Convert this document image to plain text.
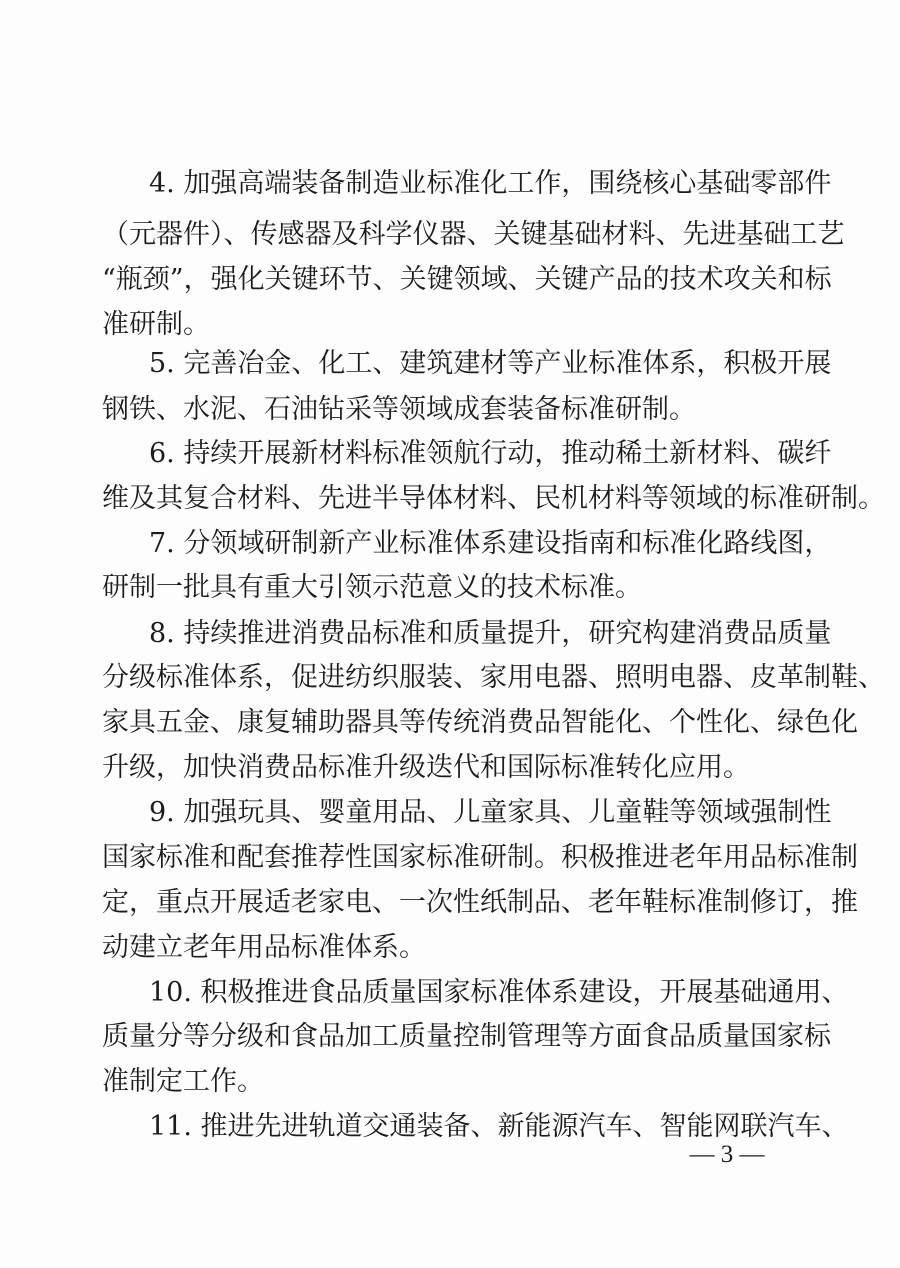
4. 加强高端装备制造业标准化工作，围绕核心基础零部件
（元器件）、传感器及科学仪器、关键基础材料、先进基础工艺
“瓶颈”，强化关键环节、关键领域、关键产品的技术攻关和标
准研制。
5. 完善冶金、化工、建筑建材等产业标准体系，积极开展
钢铁、水泥、石油钻采等领域成套装备标准研制。
6. 持续开展新材料标准领航行动，推动稀土新材料、碳纤
维及其复合材料、先进半导体材料、民机材料等领域的标准研制。
7. 分领域研制新产业标准体系建设指南和标准化路线图，
研制一批具有重大引领示范意义的技术标准。
8. 持续推进消费品标准和质量提升，研究构建消费品质量
分级标准体系，促进纺织服装、家用电器、照明电器、皮革制鞋、
家具五金、康复辅助器具等传统消费品智能化、个性化、绿色化
升级，加快消费品标准升级迭代和国际标准转化应用。
9. 加强玩具、婴童用品、儿童家具、儿童鞋等领域强制性
国家标准和配套推荐性国家标准研制。积极推进老年用品标准制
定，重点开展适老家电、一次性纸制品、老年鞋标准制修订，推
动建立老年用品标准体系。
10. 积极推进食品质量国家标准体系建设，开展基础通用、
质量分等分级和食品加工质量控制管理等方面食品质量国家标
准制定工作。
11. 推进先进轨道交通装备、新能源汽车、智能网联汽车、
— 3 —
